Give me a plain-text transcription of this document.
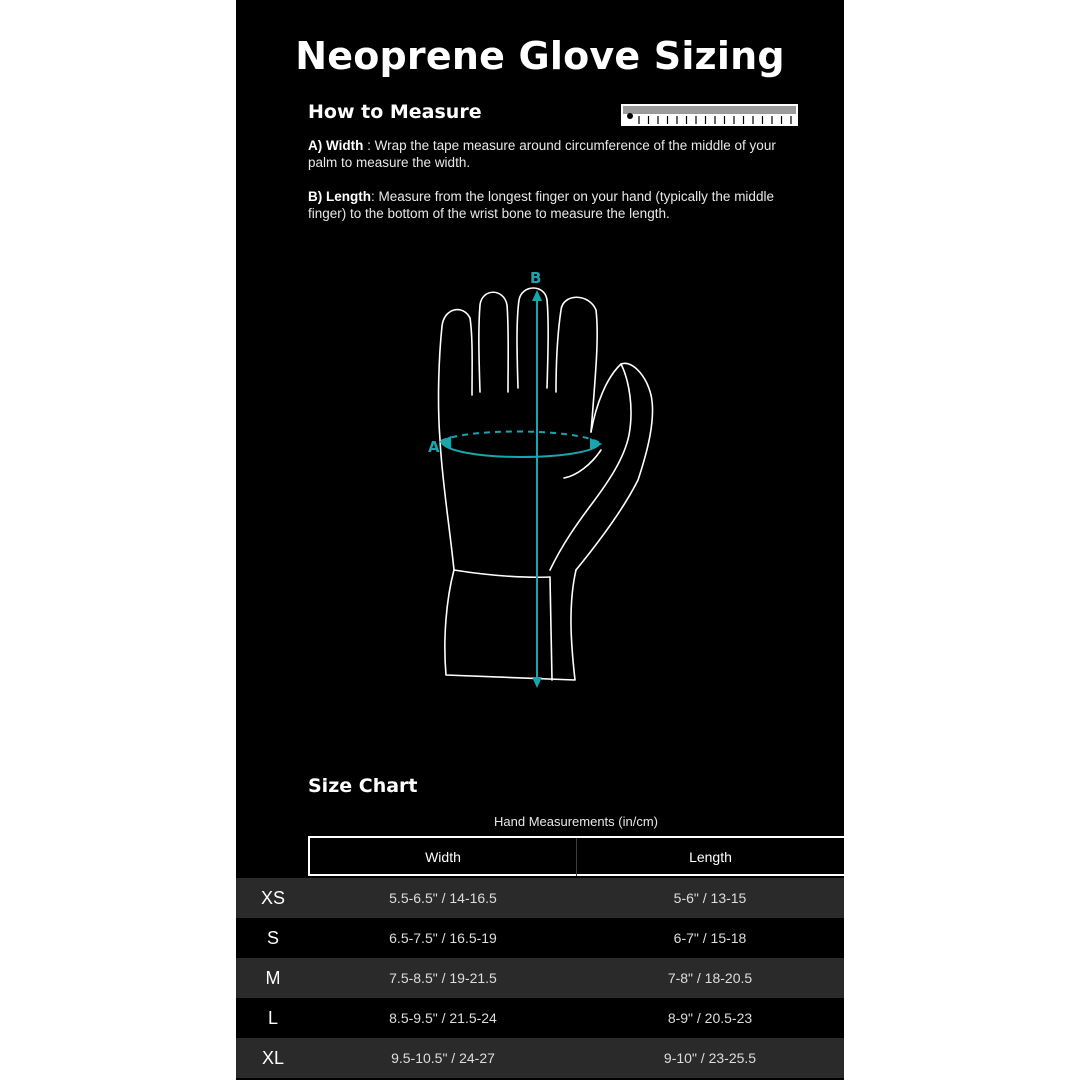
Neoprene Glove Sizing
How to Measure
A) Width : Wrap the tape measure around circumference of the middle of your palm to measure the width.
B) Length: Measure from the longest finger on your hand (typically the middle finger) to the bottom of the wrist bone to measure the length.
A
B
Size Chart
Hand Measurements (in/cm)
Width	Length
XS	5.5-6.5" / 14-16.5	5-6" / 13-15
S	6.5-7.5" / 16.5-19	6-7" / 15-18
M	7.5-8.5" / 19-21.5	7-8" / 18-20.5
L	8.5-9.5" / 21.5-24	8-9" / 20.5-23
XL	9.5-10.5" / 24-27	9-10" / 23-25.5
